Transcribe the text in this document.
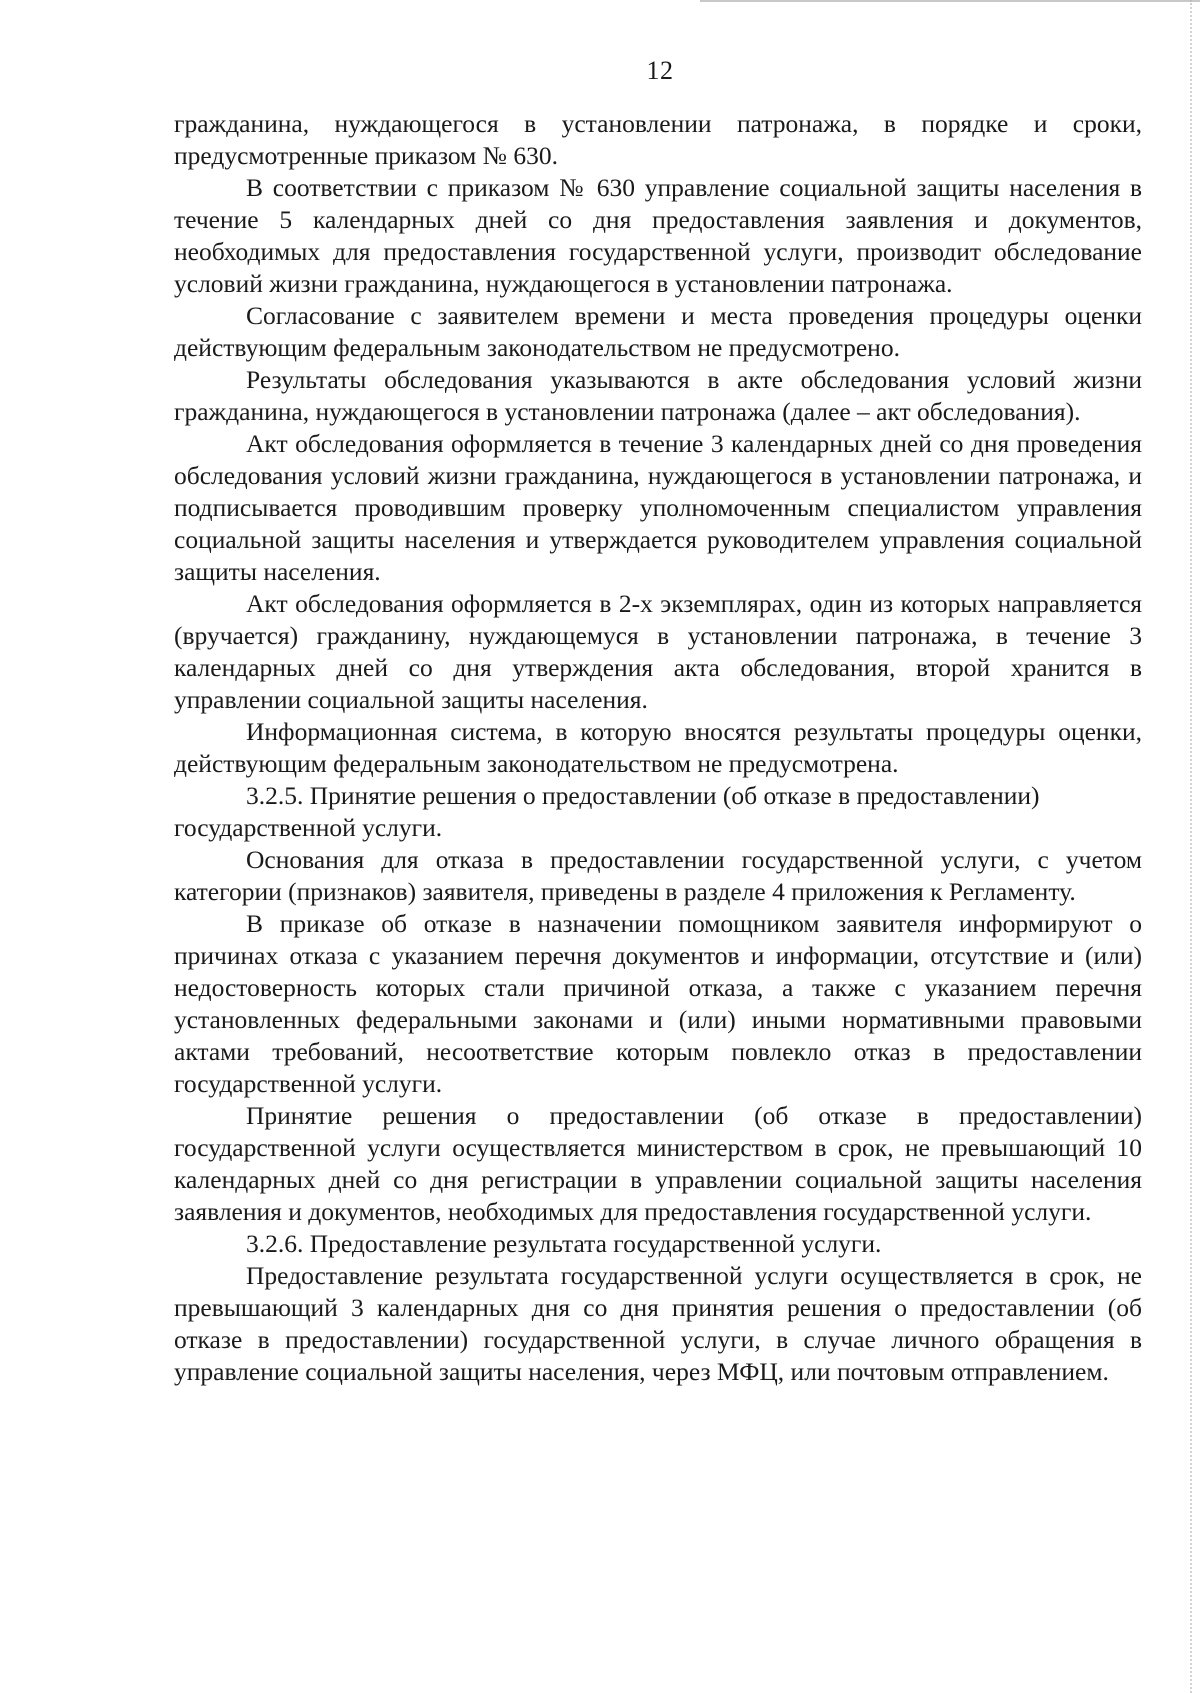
12

гражданина, нуждающегося в установлении патронажа, в порядке и сроки, предусмотренные приказом № 630.

В соответствии с приказом № 630 управление социальной защиты населения в течение 5 календарных дней со дня предоставления заявления и документов, необходимых для предоставления государственной услуги, производит обследование условий жизни гражданина, нуждающегося в установлении патронажа.

Согласование с заявителем времени и места проведения процедуры оценки действующим федеральным законодательством не предусмотрено.

Результаты обследования указываются в акте обследования условий жизни гражданина, нуждающегося в установлении патронажа (далее – акт обследования).

Акт обследования оформляется в течение 3 календарных дней со дня проведения обследования условий жизни гражданина, нуждающегося в установлении патронажа, и подписывается проводившим проверку уполномоченным специалистом управления социальной защиты населения и утверждается руководителем управления социальной защиты населения.

Акт обследования оформляется в 2-х экземплярах, один из которых направляется (вручается) гражданину, нуждающемуся в установлении патронажа, в течение 3 календарных дней со дня утверждения акта обследования, второй хранится в управлении социальной защиты населения.

Информационная система, в которую вносятся результаты процедуры оценки, действующим федеральным законодательством не предусмотрена.

3.2.5. Принятие решения о предоставлении (об отказе в предоставлении) государственной услуги.

Основания для отказа в предоставлении государственной услуги, с учетом категории (признаков) заявителя, приведены в разделе 4 приложения к Регламенту.

В приказе об отказе в назначении помощником заявителя информируют о причинах отказа с указанием перечня документов и информации, отсутствие и (или) недостоверность которых стали причиной отказа, а также с указанием перечня установленных федеральными законами и (или) иными нормативными правовыми актами требований, несоответствие которым повлекло отказ в предоставлении государственной услуги.

Принятие решения о предоставлении (об отказе в предоставлении) государственной услуги осуществляется министерством в срок, не превышающий 10 календарных дней со дня регистрации в управлении социальной защиты населения заявления и документов, необходимых для предоставления государственной услуги.

3.2.6. Предоставление результата государственной услуги.

Предоставление результата государственной услуги осуществляется в срок, не превышающий 3 календарных дня со дня принятия решения о предоставлении (об отказе в предоставлении) государственной услуги, в случае личного обращения в управление социальной защиты населения, через МФЦ, или почтовым отправлением.
